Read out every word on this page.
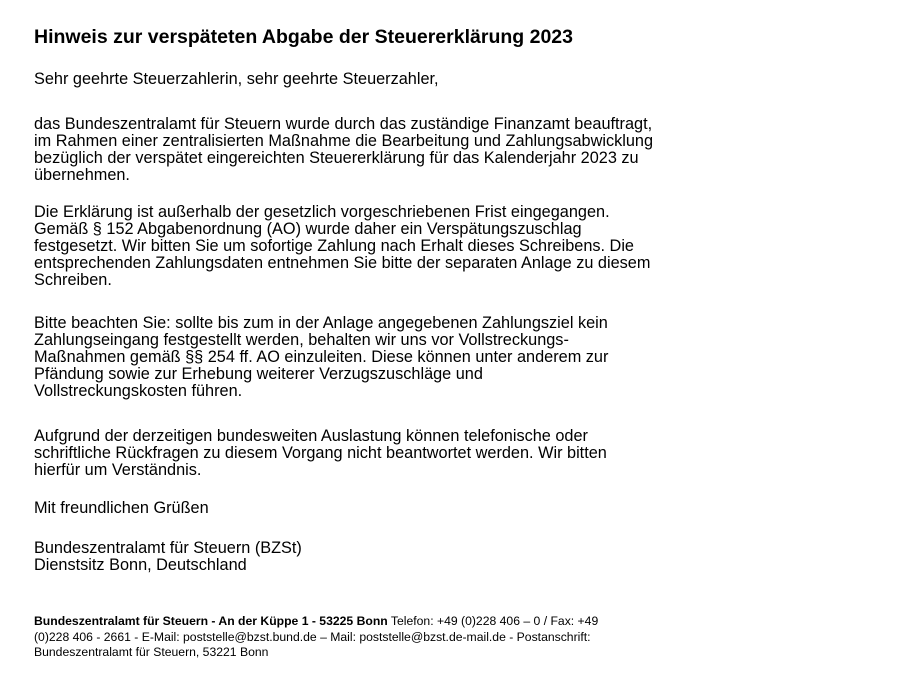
Hinweis zur verspäteten Abgabe der Steuererklärung 2023

Sehr geehrte Steuerzahlerin, sehr geehrte Steuerzahler,

das Bundeszentralamt für Steuern wurde durch das zuständige Finanzamt beauftragt,
im Rahmen einer zentralisierten Maßnahme die Bearbeitung und Zahlungsabwicklung
bezüglich der verspätet eingereichten Steuererklärung für das Kalenderjahr 2023 zu
übernehmen.

Die Erklärung ist außerhalb der gesetzlich vorgeschriebenen Frist eingegangen.
Gemäß § 152 Abgabenordnung (AO) wurde daher ein Verspätungszuschlag
festgesetzt. Wir bitten Sie um sofortige Zahlung nach Erhalt dieses Schreibens. Die
entsprechenden Zahlungsdaten entnehmen Sie bitte der separaten Anlage zu diesem
Schreiben.

Bitte beachten Sie: sollte bis zum in der Anlage angegebenen Zahlungsziel kein
Zahlungseingang festgestellt werden, behalten wir uns vor Vollstreckungs-
Maßnahmen gemäß §§ 254 ff. AO einzuleiten. Diese können unter anderem zur
Pfändung sowie zur Erhebung weiterer Verzugszuschläge und
Vollstreckungskosten führen.

Aufgrund der derzeitigen bundesweiten Auslastung können telefonische oder
schriftliche Rückfragen zu diesem Vorgang nicht beantwortet werden. Wir bitten
hierfür um Verständnis.

Mit freundlichen Grüßen

Bundeszentralamt für Steuern (BZSt)
Dienstsitz Bonn, Deutschland

Bundeszentralamt für Steuern - An der Küppe 1 - 53225 Bonn Telefon: +49 (0)228 406 – 0 / Fax: +49
(0)228 406 - 2661 - E-Mail: poststelle@bzst.bund.de – Mail: poststelle@bzst.de-mail.de - Postanschrift:
Bundeszentralamt für Steuern, 53221 Bonn
